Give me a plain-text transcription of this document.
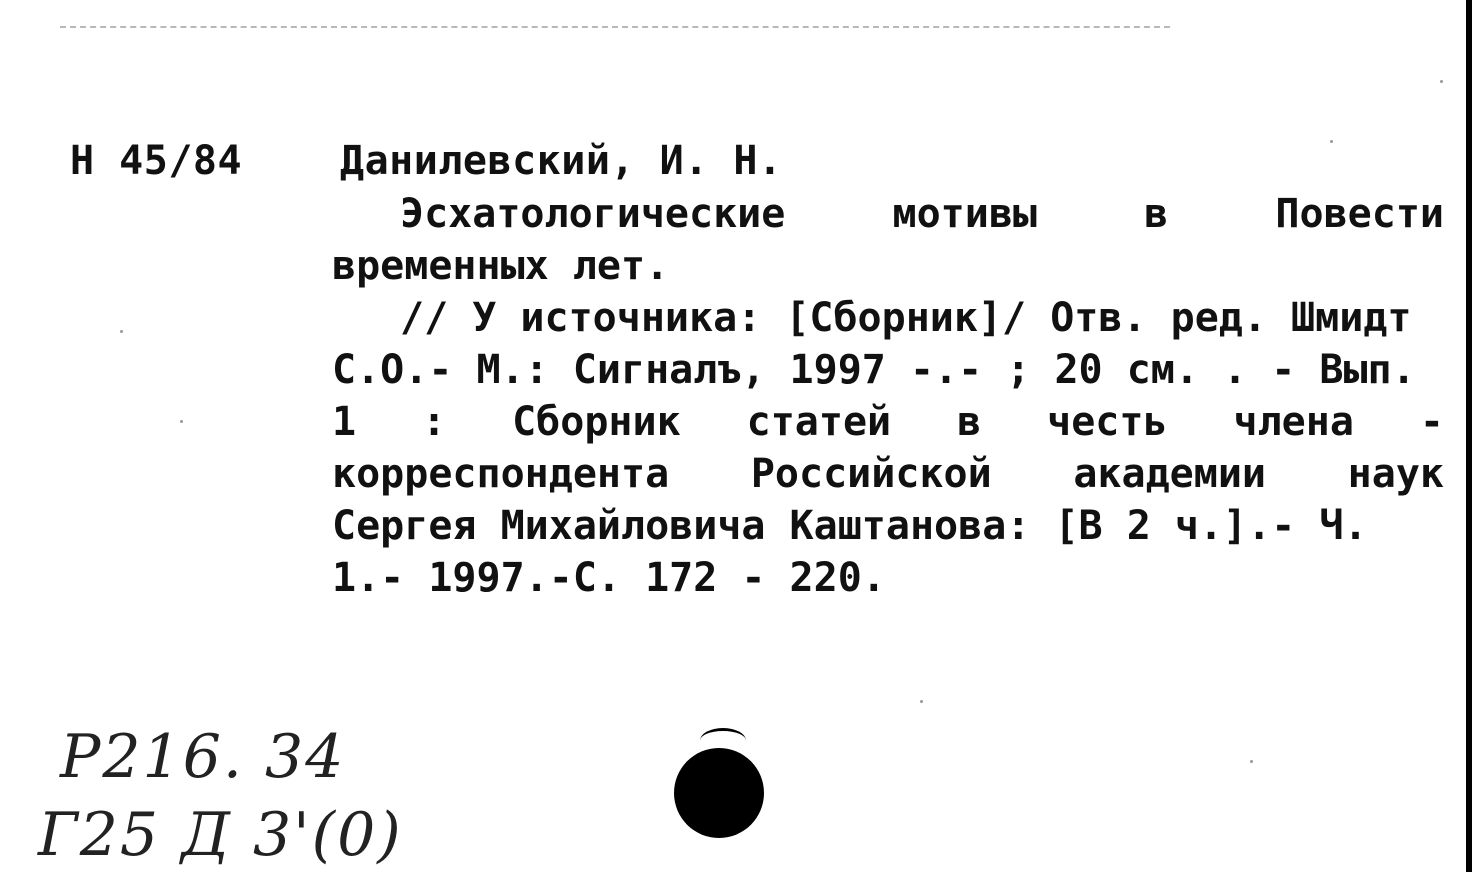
Н 45/84 Данилевский, И. Н.

Эсхатологические	мотивы	в	Повести
временных лет.
// У источника: [Сборник]/ Отв. ред. Шмидт
С.О.- М.: Сигналъ, 1997 -.- ; 20 см. . - Вып.
1 : Сборник статей в честь члена -
корреспондента Российской академии наук
Сергея Михайловича Каштанова: [В 2 ч.].- Ч.
1.- 1997.-С. 172 - 220.

Р216. 34

Г25 Д 3'(0)
